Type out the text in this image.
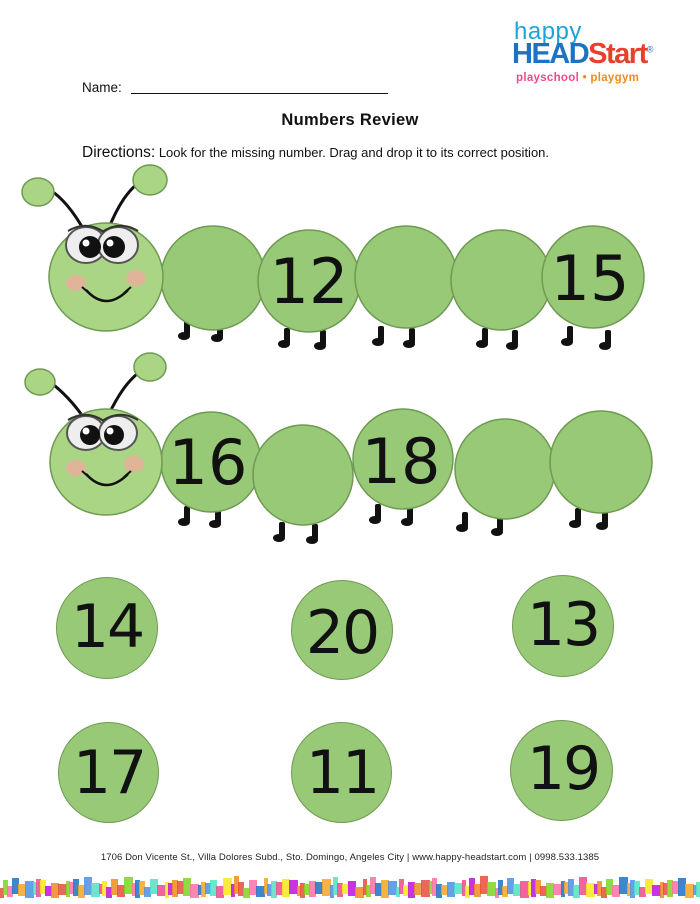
happy
HEADStart®
playschool • playgym
Name:
Numbers Review
Directions: Look for the missing number. Drag and drop it to its correct position.
12	15
16 18
14	20	13
17	11	19
1706 Don Vicente St., Villa Dolores Subd., Sto. Domingo, Angeles City | www.happy-headstart.com | 0998.533.1385
